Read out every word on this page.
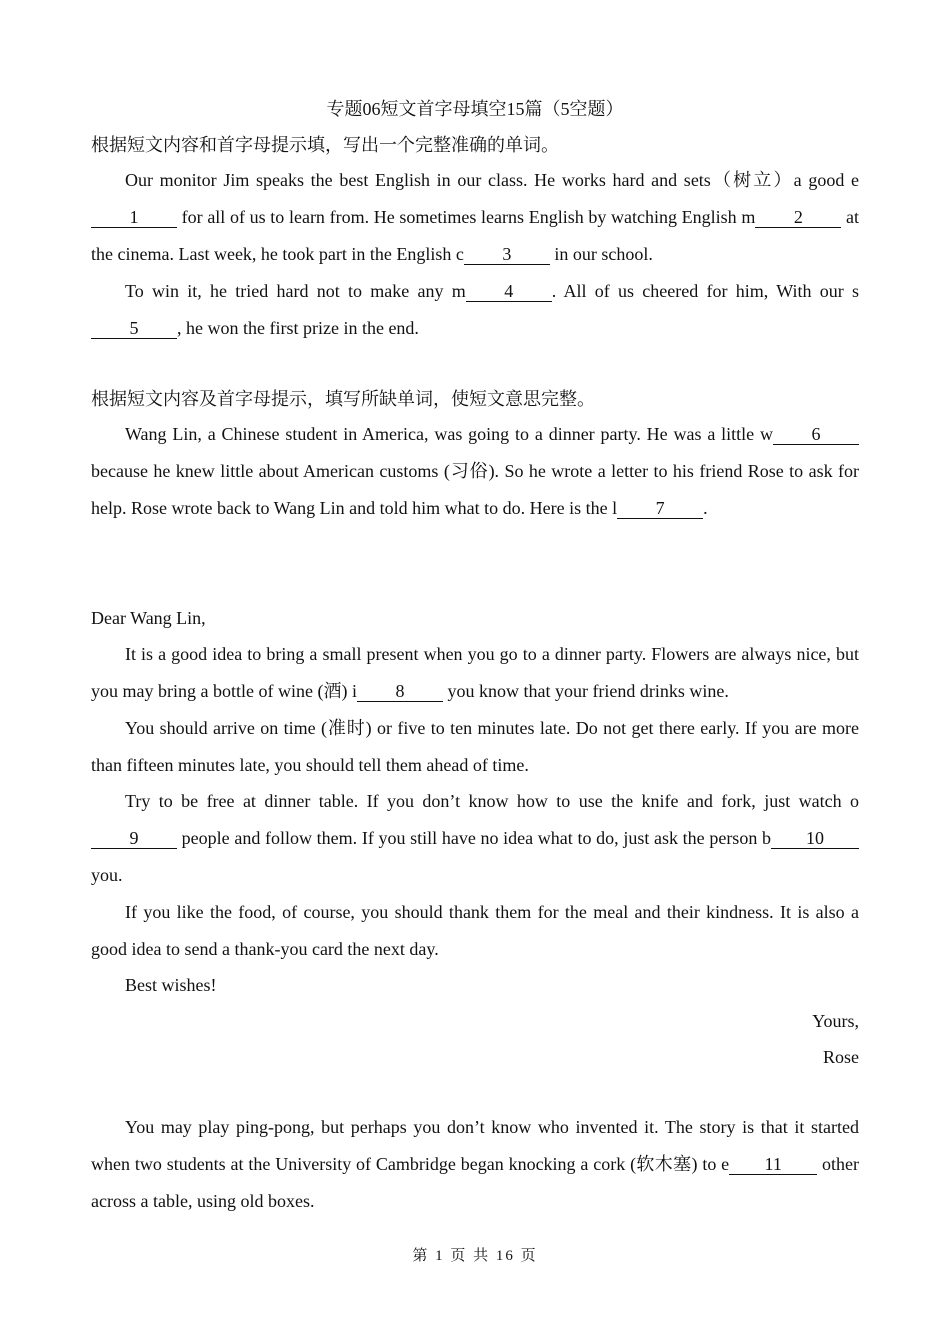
专题06短文首字母填空15篇（5空题）
根据短文内容和首字母提示填，写出一个完整准确的单词。

Our monitor Jim speaks the best English in our class. He works hard and sets（树立）a good e1 for all of us to learn from. He sometimes learns English by watching English m 2 at the cinema. Last week, he took part in the English c 3 in our school.

To win it, he tried hard not to make any m 4 . All of us cheered for him, With our s5 , he won the first prize in the end.

根据短文内容及首字母提示，填写所缺单词，使短文意思完整。

Wang Lin, a Chinese student in America, was going to a dinner party. He was a little w 6 because he knew little about American customs (习俗). So he wrote a letter to his friend Rose to ask for help. Rose wrote back to Wang Lin and told him what to do. Here is the l 7 .

Dear Wang Lin,

It is a good idea to bring a small present when you go to a dinner party. Flowers are always nice, but you may bring a bottle of wine (酒) i 8 you know that your friend drinks wine.

You should arrive on time (准时) or five to ten minutes late. Do not get there early. If you are more than fifteen minutes late, you should tell them ahead of time.

Try to be free at dinner table. If you don’t know how to use the knife and fork, just watch o9 people and follow them. If you still have no idea what to do, just ask the person b 10 you.

If you like the food, of course, you should thank them for the meal and their kindness. It is also a good idea to send a thank-you card the next day.

Best wishes!

Yours,

Rose

You may play ping-pong, but perhaps you don’t know who invented it. The story is that it started when two students at the University of Cambridge began knocking a cork (软木塞) to e 11 other across a table, using old boxes.

第 1 页 共 16 页
